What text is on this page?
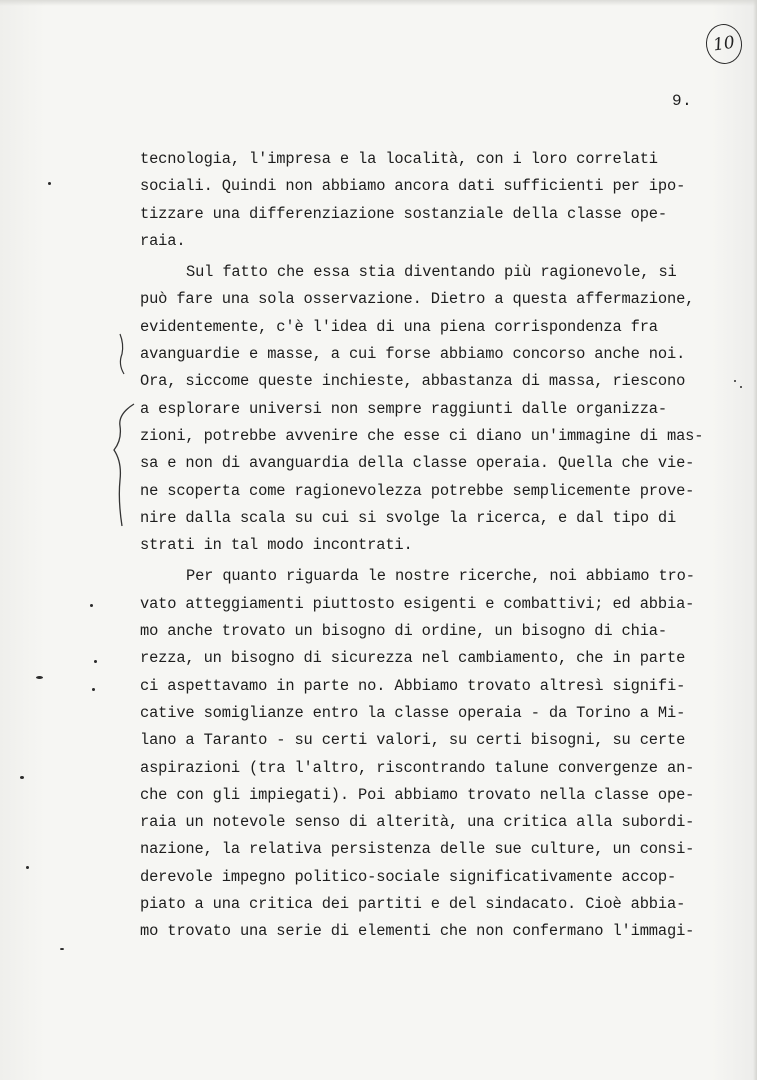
10
9.
tecnologia, l'impresa e la località, con i loro correlati
sociali. Quindi non abbiamo ancora dati sufficienti per ipo-
tizzare una differenziazione sostanziale della classe ope-
raia.
Sul fatto che essa stia diventando più ragionevole, si
può fare una sola osservazione. Dietro a questa affermazione,
evidentemente, c'è l'idea di una piena corrispondenza fra
avanguardie e masse, a cui forse abbiamo concorso anche noi.
Ora, siccome queste inchieste, abbastanza di massa, riescono
a esplorare universi non sempre raggiunti dalle organizza-
zioni, potrebbe avvenire che esse ci diano un'immagine di mas-
sa e non di avanguardia della classe operaia. Quella che vie-
ne scoperta come ragionevolezza potrebbe semplicemente prove-
nire dalla scala su cui si svolge la ricerca, e dal tipo di
strati in tal modo incontrati.
Per quanto riguarda le nostre ricerche, noi abbiamo tro-
vato atteggiamenti piuttosto esigenti e combattivi; ed abbia-
mo anche trovato un bisogno di ordine, un bisogno di chia-
rezza, un bisogno di sicurezza nel cambiamento, che in parte
ci aspettavamo in parte no. Abbiamo trovato altresì signifi-
cative somiglianze entro la classe operaia - da Torino a Mi-
lano a Taranto - su certi valori, su certi bisogni, su certe
aspirazioni (tra l'altro, riscontrando talune convergenze an-
che con gli impiegati). Poi abbiamo trovato nella classe ope-
raia un notevole senso di alterità, una critica alla subordi-
nazione, la relativa persistenza delle sue culture, un consi-
derevole impegno politico-sociale significativamente accop-
piato a una critica dei partiti e del sindacato. Cioè abbia-
mo trovato una serie di elementi che non confermano l'immagi-
